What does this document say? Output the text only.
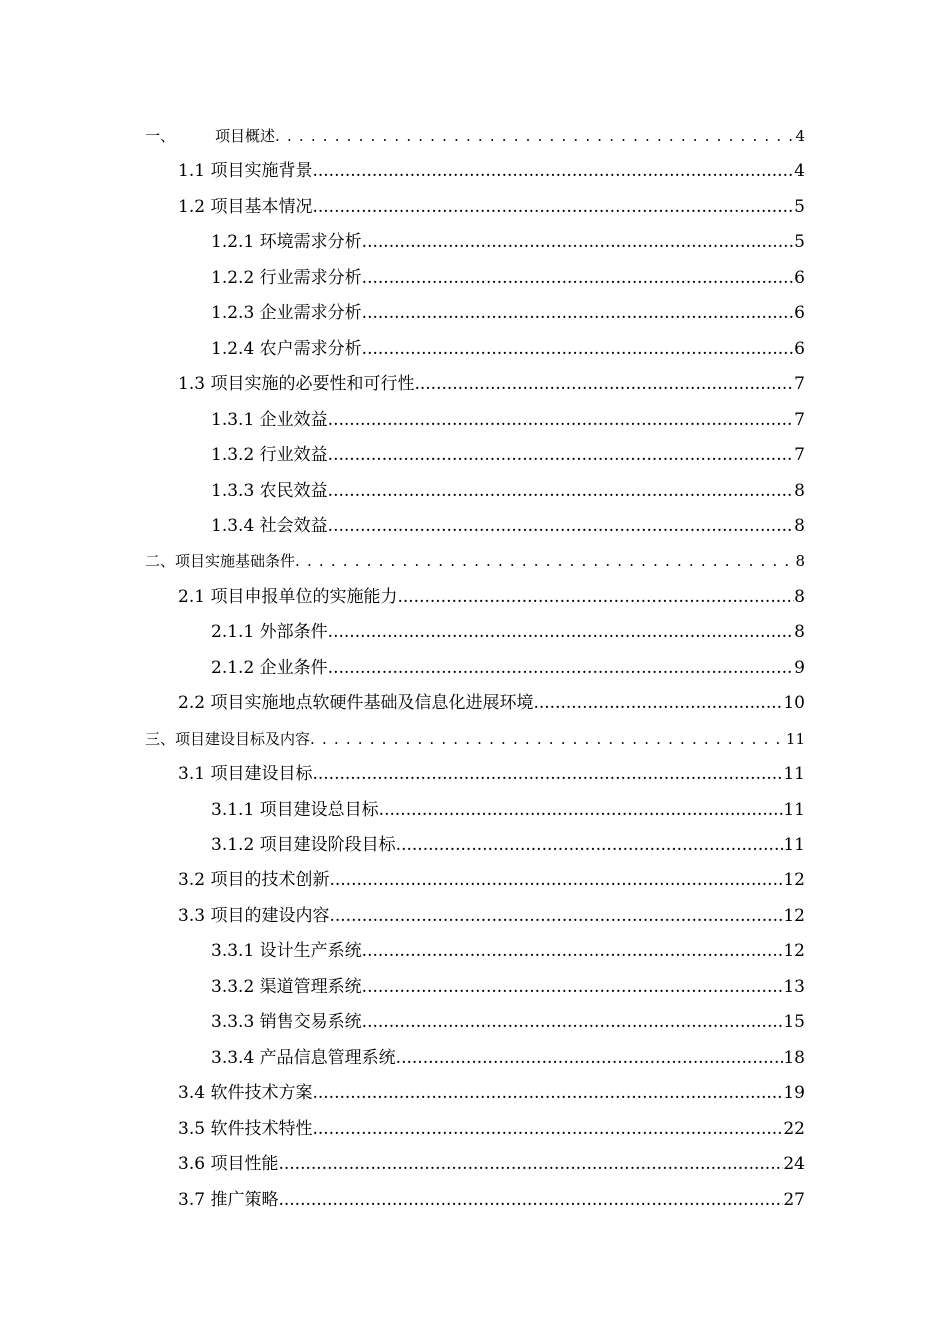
一、	项目概述 . . .	4
1.1 项目实施背景 .....	4
1.2 项目基本情况 .....	5
1.2.1 环境需求分析 .....	5
1.2.2 行业需求分析 .....	6
1.2.3 企业需求分析 .....	6
1.2.4 农户需求分析 .....	6
1.3 项目实施的必要性和可行性 .....	7
1.3.1 企业效益 .....	7
1.3.2 行业效益 .....	7
1.3.3 农民效益 .....	8
1.3.4 社会效益 .....	8
二、项目实施基础条件 . . .	8
2.1 项目申报单位的实施能力 .....	8
2.1.1 外部条件 .....	8
2.1.2 企业条件 .....	9
2.2 项目实施地点软硬件基础及信息化进展环境 .....	10
三、项目建设目标及内容 . . .	11
3.1 项目建设目标 .....	11
3.1.1 项目建设总目标 .....	11
3.1.2 项目建设阶段目标 .....	11
3.2 项目的技术创新 .....	12
3.3 项目的建设内容 .....	12
3.3.1 设计生产系统 .....	12
3.3.2 渠道管理系统 .....	13
3.3.3 销售交易系统 .....	15
3.3.4 产品信息管理系统 .....	18
3.4 软件技术方案 .....	19
3.5 软件技术特性 .....	22
3.6 项目性能 .....	24
3.7 推广策略 .....	27
